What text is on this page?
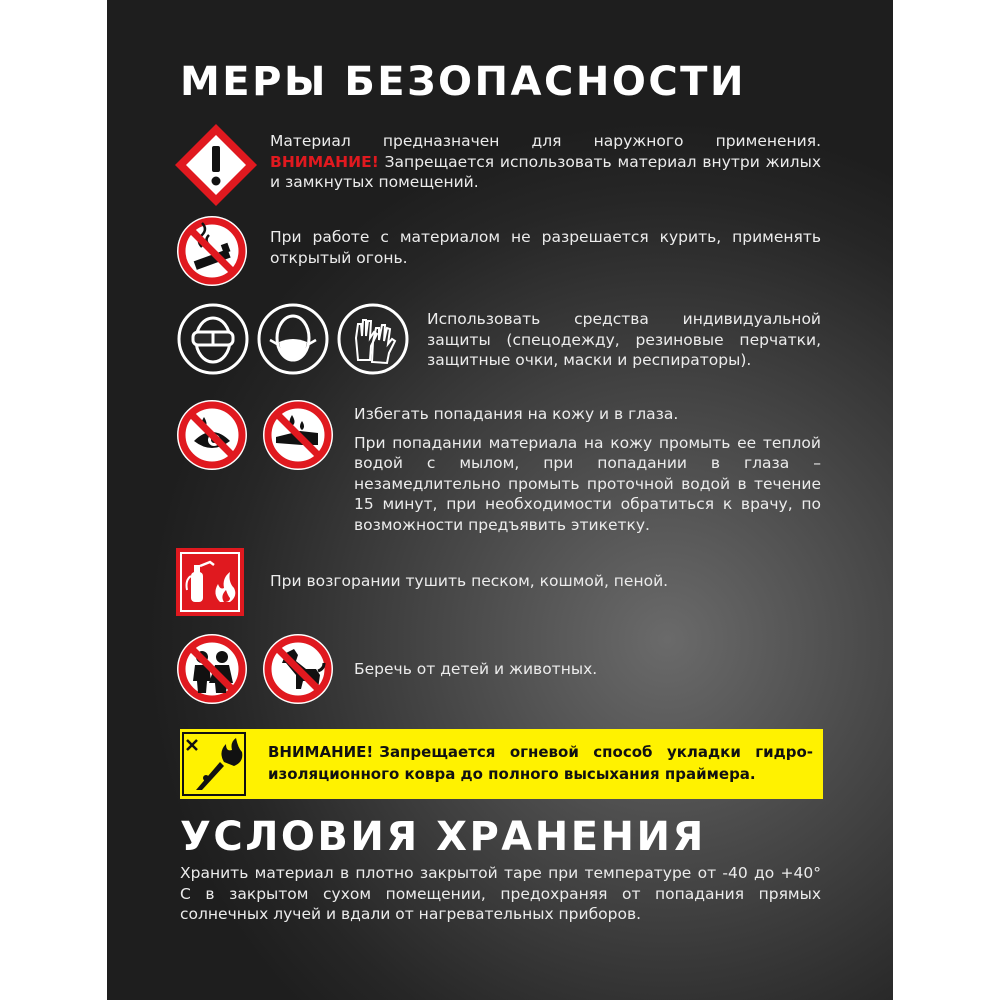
МЕРЫ БЕЗОПАСНОСТИ
Материал предназначен для наружного применения. ВНИМАНИЕ! Запрещается использовать материал внутри жилых и замкнутых помещений.
При работе с материалом не разрешается курить, применять открытый огонь.
Использовать средства индивидуальной защиты (спецодежду, резиновые перчатки, защитные очки, маски и респираторы).

Избегать попадания на кожу и в глаза.

При попадании материала на кожу промыть ее теплой водой с мылом, при попадании в глаза – незамедлительно промыть проточной водой в течение 15 минут, при необходимости обратиться к врачу, по возможности предъявить этикетку.

При возгорании тушить песком, кошмой, пеной.
Беречь от детей и животных.

ВНИМАНИЕ! Запрещается огневой способ укладки гидро-изоляционного ковра до полного высыхания праймера.

УСЛОВИЯ ХРАНЕНИЯ
Хранить материал в плотно закрытой таре при температуре от -40 до +40° С в закрытом сухом помещении, предохраняя от попадания прямых солнечных лучей и вдали от нагревательных приборов.
